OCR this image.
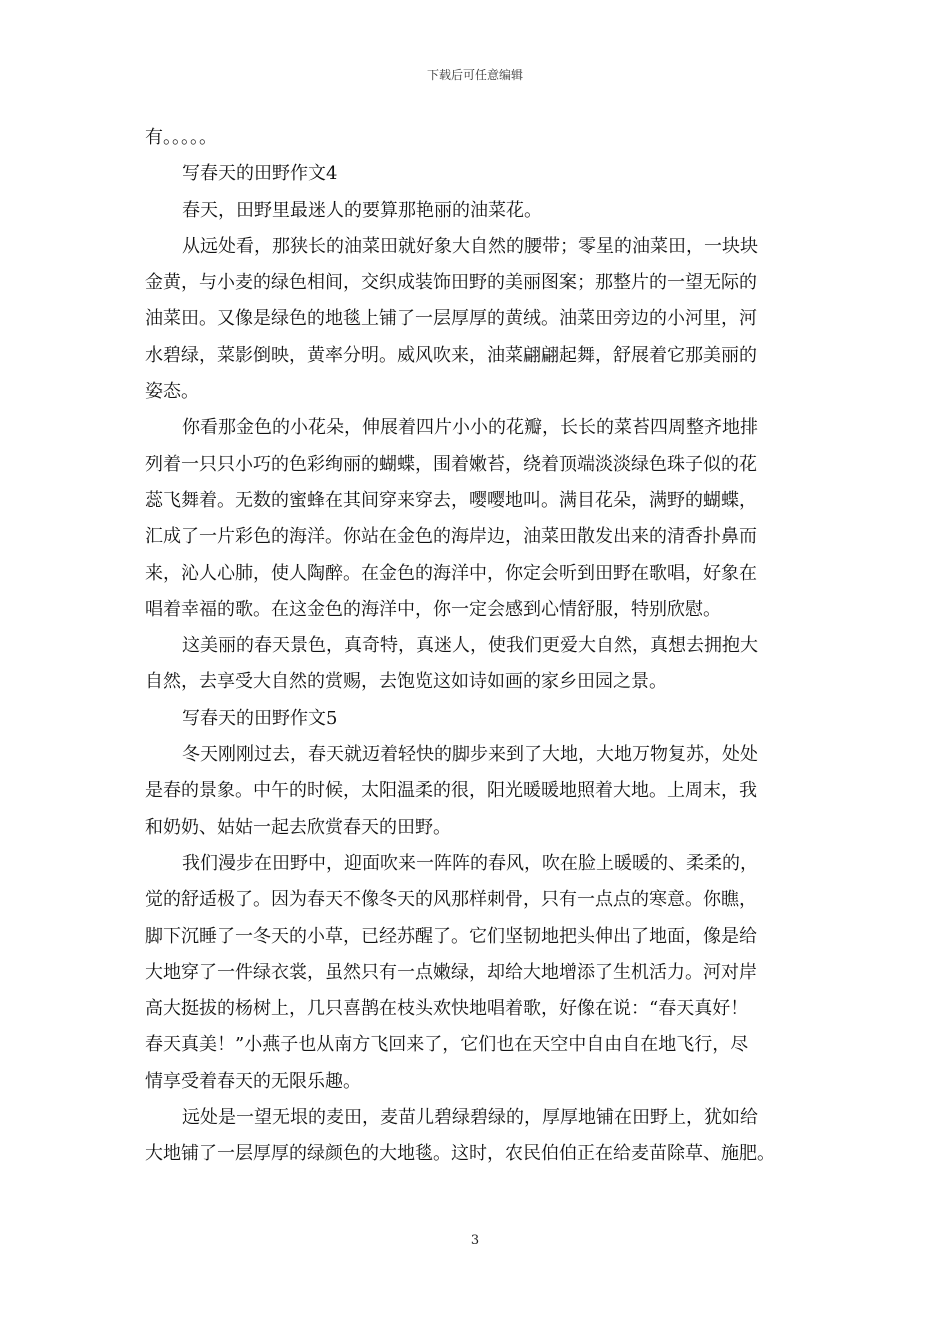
下载后可任意编辑
有。。。。。
写春天的田野作文4
春天，田野里最迷人的要算那艳丽的油菜花。
从远处看，那狭长的油菜田就好象大自然的腰带；零星的油菜田，一块块
金黄，与小麦的绿色相间，交织成装饰田野的美丽图案；那整片的一望无际的
油菜田。又像是绿色的地毯上铺了一层厚厚的黄绒。油菜田旁边的小河里，河
水碧绿，菜影倒映，黄率分明。威风吹来，油菜翩翩起舞，舒展着它那美丽的
姿态。
你看那金色的小花朵，伸展着四片小小的花瓣，长长的菜苔四周整齐地排
列着一只只小巧的色彩绚丽的蝴蝶，围着嫩苔，绕着顶端淡淡绿色珠子似的花
蕊飞舞着。无数的蜜蜂在其间穿来穿去，嘤嘤地叫。满目花朵，满野的蝴蝶，
汇成了一片彩色的海洋。你站在金色的海岸边，油菜田散发出来的清香扑鼻而
来，沁人心肺，使人陶醉。在金色的海洋中，你定会听到田野在歌唱，好象在
唱着幸福的歌。在这金色的海洋中，你一定会感到心情舒服，特别欣慰。
这美丽的春天景色，真奇特，真迷人，使我们更爱大自然，真想去拥抱大
自然，去享受大自然的赏赐，去饱览这如诗如画的家乡田园之景。
写春天的田野作文5
冬天刚刚过去，春天就迈着轻快的脚步来到了大地，大地万物复苏，处处
是春的景象。中午的时候，太阳温柔的很，阳光暖暖地照着大地。上周末，我
和奶奶、姑姑一起去欣赏春天的田野。
我们漫步在田野中，迎面吹来一阵阵的春风，吹在脸上暖暖的、柔柔的，
觉的舒适极了。因为春天不像冬天的风那样刺骨，只有一点点的寒意。你瞧，
脚下沉睡了一冬天的小草，已经苏醒了。它们坚韧地把头伸出了地面，像是给
大地穿了一件绿衣裳，虽然只有一点嫩绿，却给大地增添了生机活力。河对岸
高大挺拔的杨树上，几只喜鹊在枝头欢快地唱着歌，好像在说：“春天真好！
春天真美！”小燕子也从南方飞回来了，它们也在天空中自由自在地飞行，尽
情享受着春天的无限乐趣。
远处是一望无垠的麦田，麦苗儿碧绿碧绿的，厚厚地铺在田野上，犹如给
大地铺了一层厚厚的绿颜色的大地毯。这时，农民伯伯正在给麦苗除草、施肥。
3
